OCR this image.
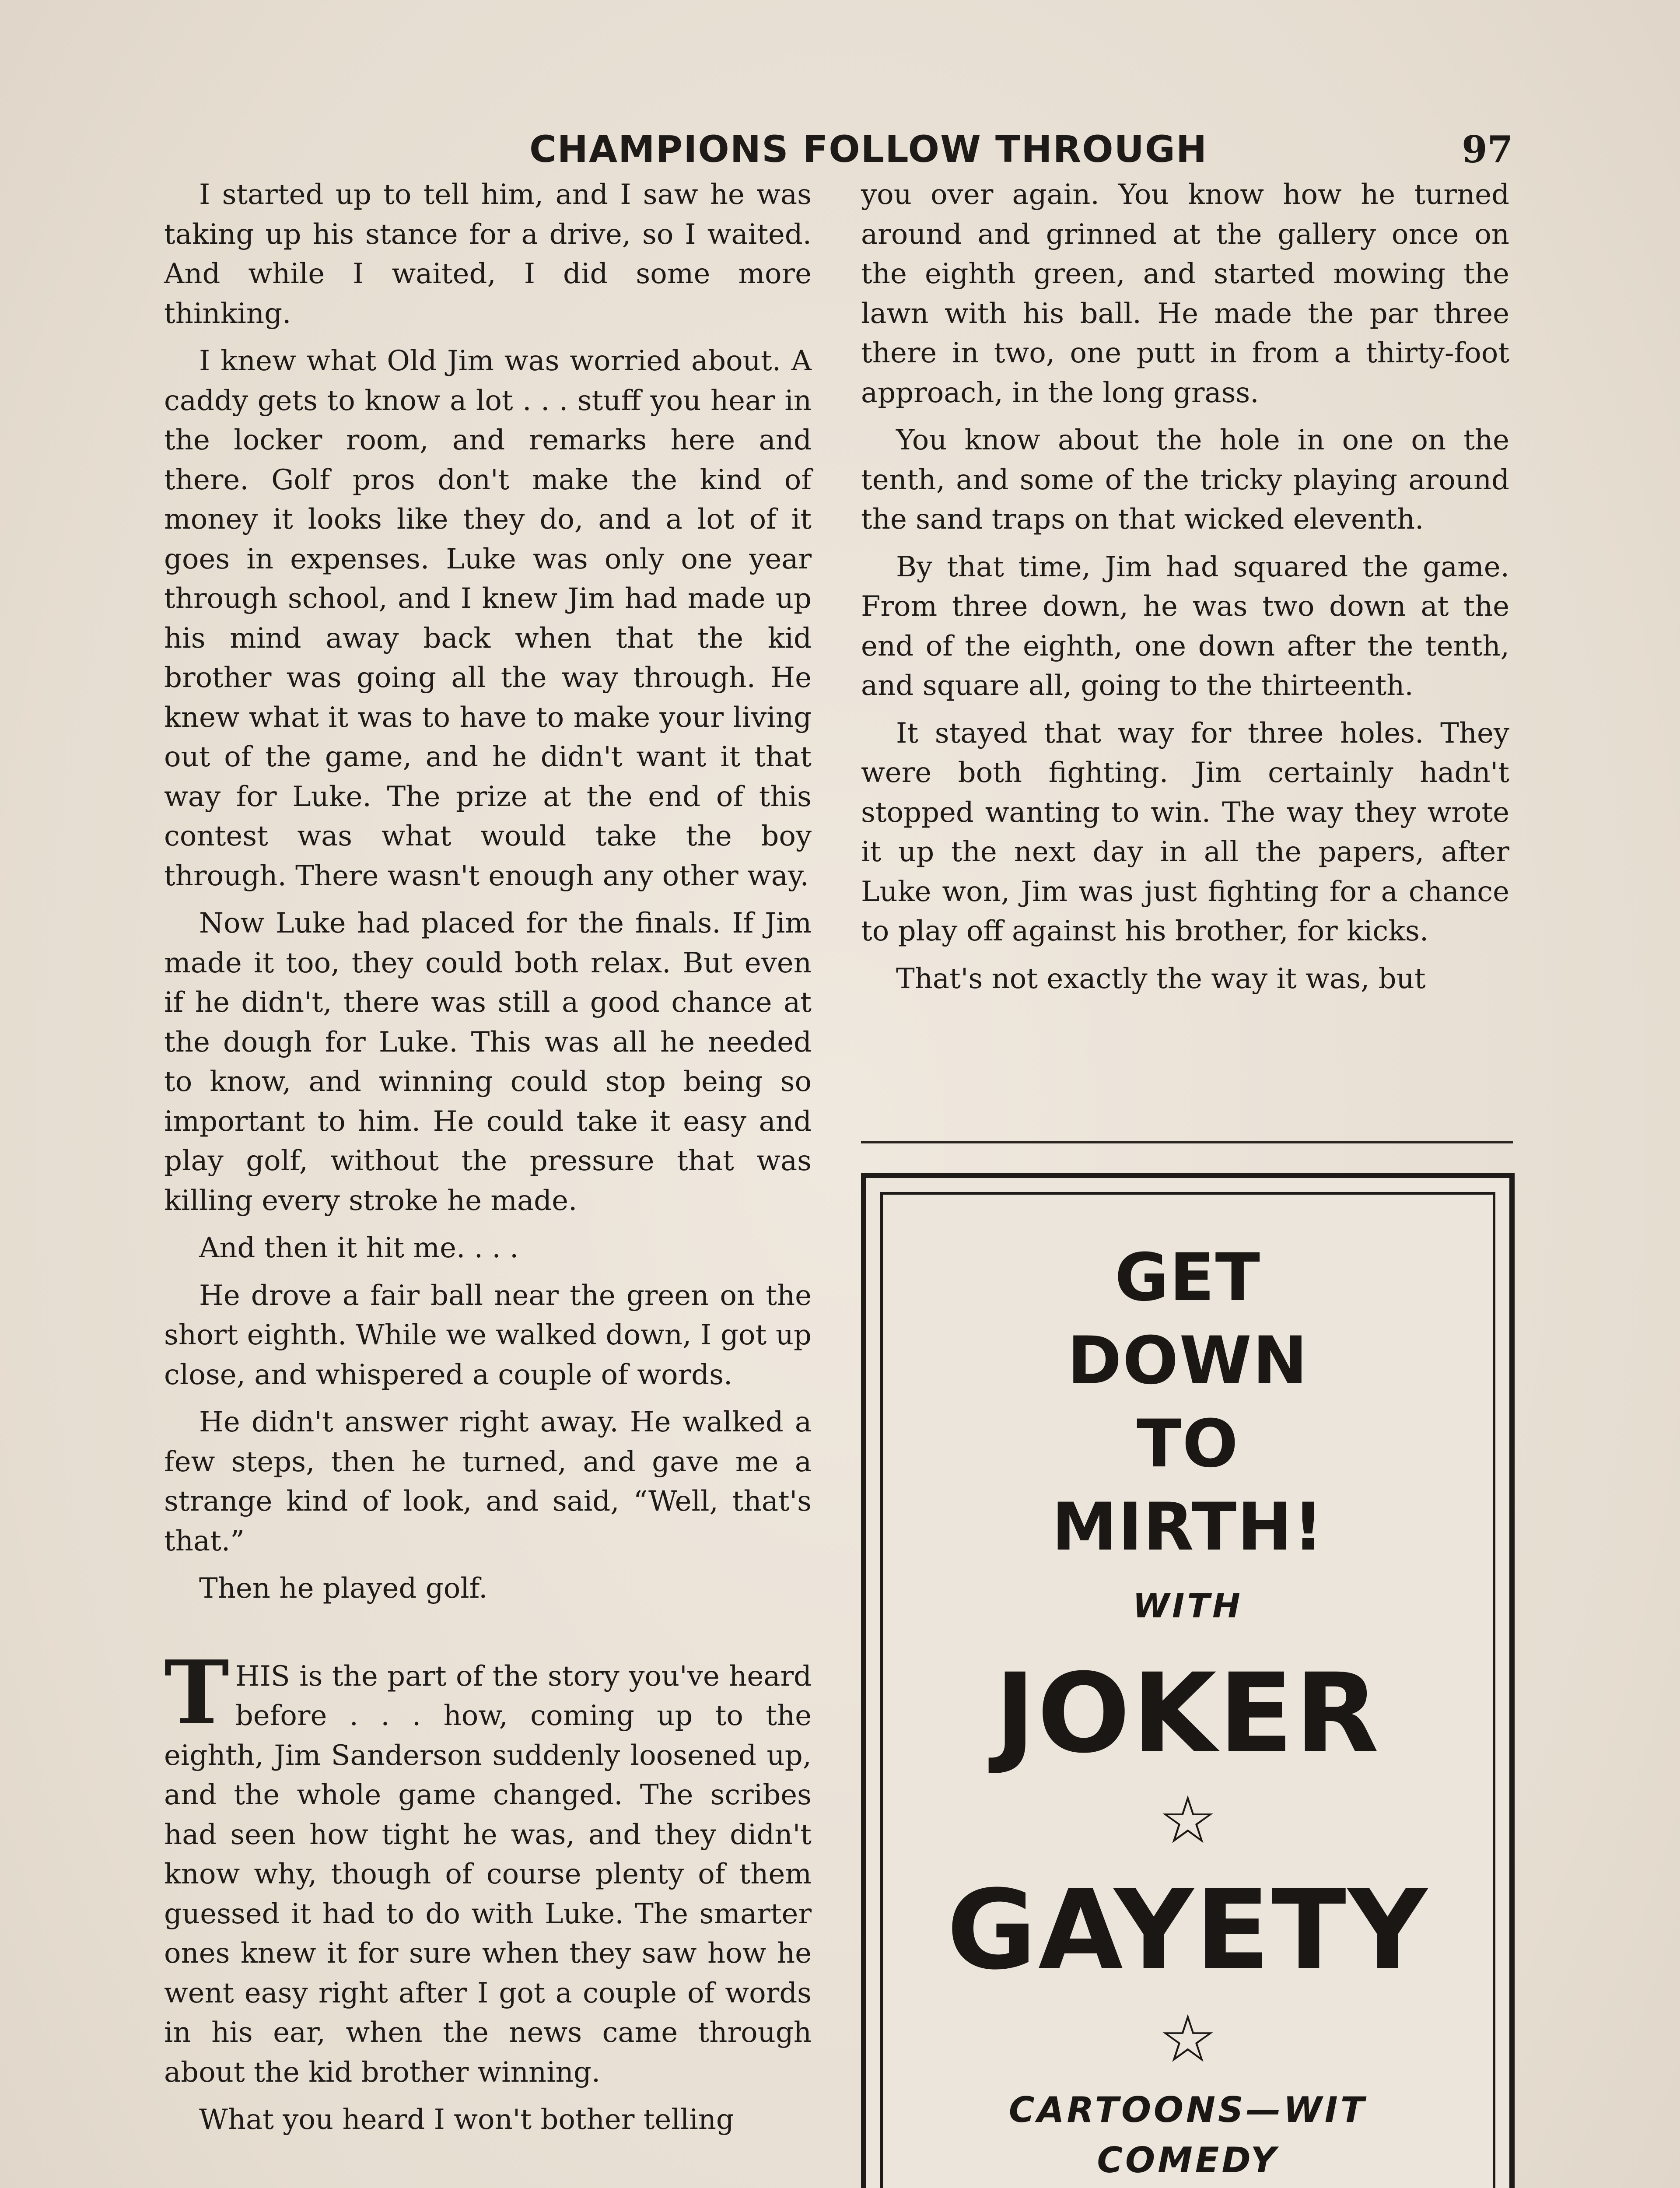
CHAMPIONS FOLLOW THROUGH	97

I started up to tell him, and I saw he was taking up his stance for a drive, so I waited. And while I waited, I did some more thinking.

I knew what Old Jim was worried about. A caddy gets to know a lot . . . stuff you hear in the locker room, and remarks here and there. Golf pros don't make the kind of money it looks like they do, and a lot of it goes in expenses. Luke was only one year through school, and I knew Jim had made up his mind away back when that the kid brother was going all the way through. He knew what it was to have to make your living out of the game, and he didn't want it that way for Luke. The prize at the end of this contest was what would take the boy through. There wasn't enough any other way.

Now Luke had placed for the finals. If Jim made it too, they could both relax. But even if he didn't, there was still a good chance at the dough for Luke. This was all he needed to know, and winning could stop being so important to him. He could take it easy and play golf, without the pressure that was killing every stroke he made.

And then it hit me. . . .

He drove a fair ball near the green on the short eighth. While we walked down, I got up close, and whispered a couple of words.

He didn't answer right away. He walked a few steps, then he turned, and gave me a strange kind of look, and said, “Well, that's that.”

Then he played golf.

THIS is the part of the story you've heard before . . . how, coming up to the eighth, Jim Sanderson suddenly loosened up, and the whole game changed. The scribes had seen how tight he was, and they didn't know why, though of course plenty of them guessed it had to do with Luke. The smarter ones knew it for sure when they saw how he went easy right after I got a couple of words in his ear, when the news came through about the kid brother winning.

What you heard I won't bother telling

you over again. You know how he turned around and grinned at the gallery once on the eighth green, and started mowing the lawn with his ball. He made the par three there in two, one putt in from a thirty-foot approach, in the long grass.

You know about the hole in one on the tenth, and some of the tricky playing around the sand traps on that wicked eleventh.

By that time, Jim had squared the game. From three down, he was two down at the end of the eighth, one down after the tenth, and square all, going to the thirteenth.

It stayed that way for three holes. They were both fighting. Jim certainly hadn't stopped wanting to win. The way they wrote it up the next day in all the papers, after Luke won, Jim was just fighting for a chance to play off against his brother, for kicks.

That's not exactly the way it was, but

GET
DOWN
TO
MIRTH!
WITH
JOKER
☆
GAYETY
☆
CARTOONS—WIT
COMEDY
